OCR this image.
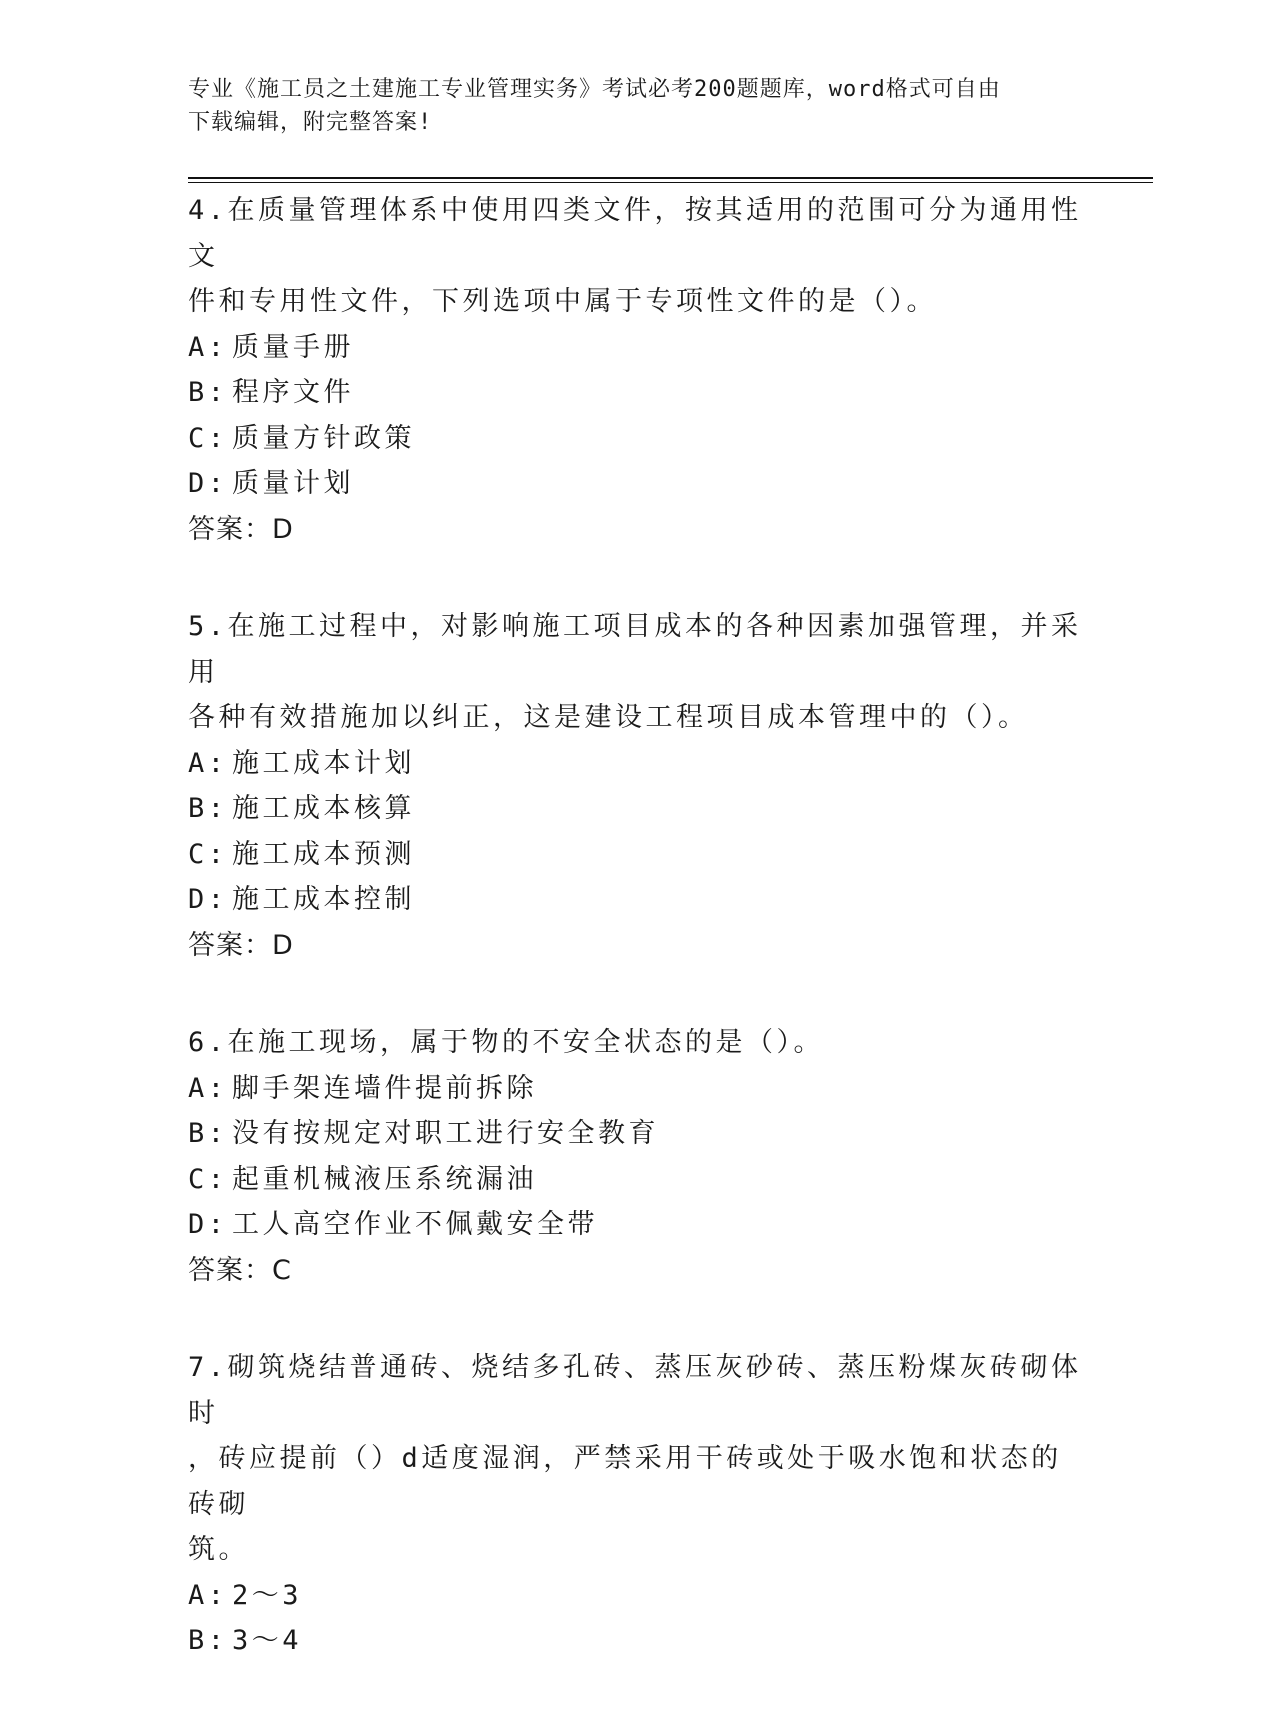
专业《施工员之土建施工专业管理实务》考试必考200题题库，word格式可自由
下载编辑，附完整答案!
4.在质量管理体系中使用四类文件，按其适用的范围可分为通用性文
件和专用性文件，下列选项中属于专项性文件的是（）。
A: 质量手册
B: 程序文件
C: 质量方针政策
D: 质量计划
答案：D
5.在施工过程中，对影响施工项目成本的各种因素加强管理，并采用
各种有效措施加以纠正，这是建设工程项目成本管理中的（）。
A: 施工成本计划
B: 施工成本核算
C: 施工成本预测
D: 施工成本控制
答案：D
6.在施工现场，属于物的不安全状态的是（）。
A: 脚手架连墙件提前拆除
B: 没有按规定对职工进行安全教育
C: 起重机械液压系统漏油
D: 工人高空作业不佩戴安全带
答案：C
7.砌筑烧结普通砖、烧结多孔砖、蒸压灰砂砖、蒸压粉煤灰砖砌体时
，砖应提前（）d适度湿润，严禁采用干砖或处于吸水饱和状态的砖砌
筑。
A: 2～3
B: 3～4
